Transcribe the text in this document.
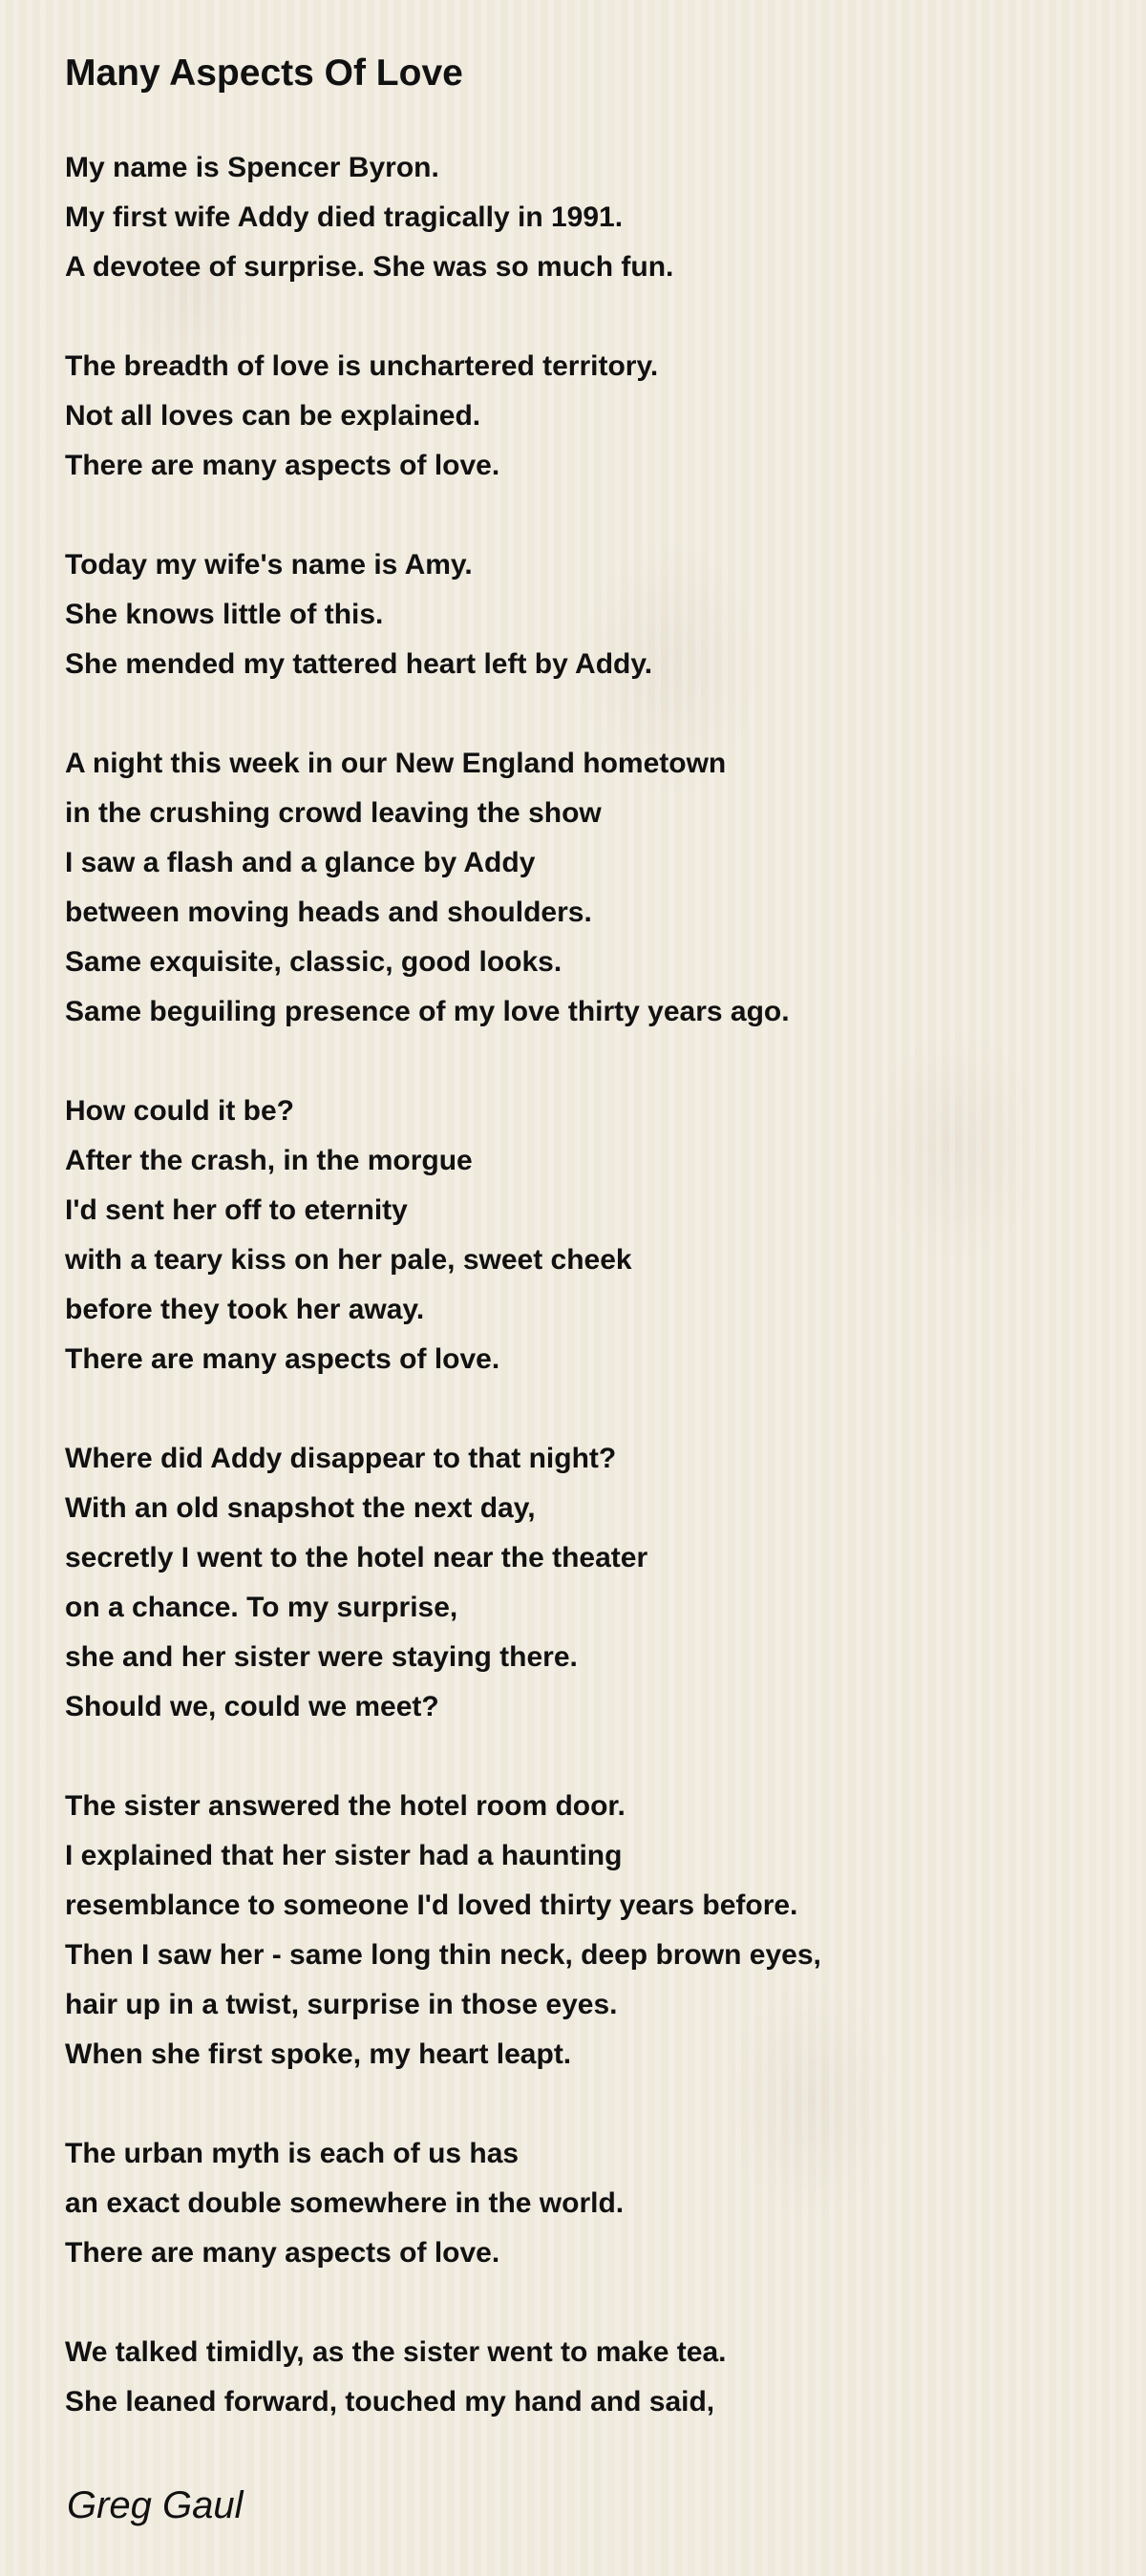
Many Aspects Of Love
My name is Spencer Byron.
My first wife Addy died tragically in 1991.
A devotee of surprise. She was so much fun.
The breadth of love is unchartered territory.
Not all loves can be explained.
There are many aspects of love.
Today my wife's name is Amy.
She knows little of this.
She mended my tattered heart left by Addy.
A night this week in our New England hometown
in the crushing crowd leaving the show
I saw a flash and a glance by Addy
between moving heads and shoulders.
Same exquisite, classic, good looks.
Same beguiling presence of my love thirty years ago.
How could it be?
After the crash, in the morgue
I'd sent her off to eternity
with a teary kiss on her pale, sweet cheek
before they took her away.
There are many aspects of love.
Where did Addy disappear to that night?
With an old snapshot the next day,
secretly I went to the hotel near the theater
on a chance. To my surprise,
she and her sister were staying there.
Should we, could we meet?
The sister answered the hotel room door.
I explained that her sister had a haunting
resemblance to someone I'd loved thirty years before.
Then I saw her - same long thin neck, deep brown eyes,
hair up in a twist, surprise in those eyes.
When she first spoke, my heart leapt.
The urban myth is each of us has
an exact double somewhere in the world.
There are many aspects of love.
We talked timidly, as the sister went to make tea.
She leaned forward, touched my hand and said,
Greg Gaul
